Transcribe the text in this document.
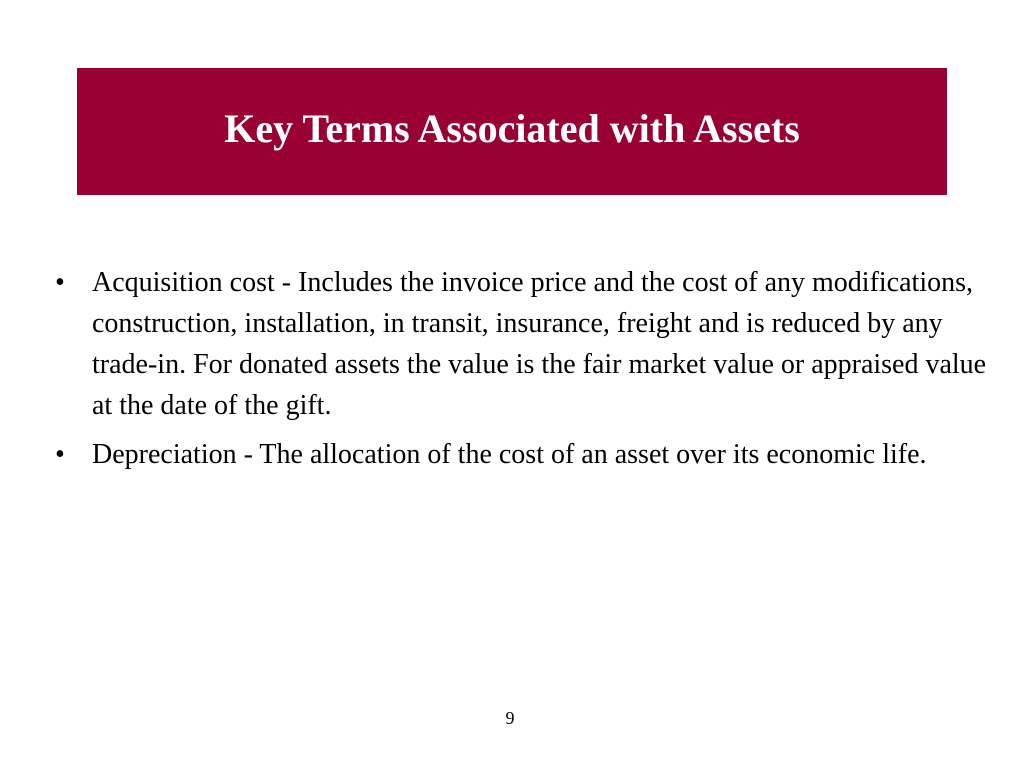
Key Terms Associated with Assets
• Acquisition cost - Includes the invoice price and the cost of any modifications, construction, installation, in transit, insurance, freight and is reduced by any trade-in. For donated assets the value is the fair market value or appraised value at the date of the gift.
• Depreciation - The allocation of the cost of an asset over its economic life.
9
